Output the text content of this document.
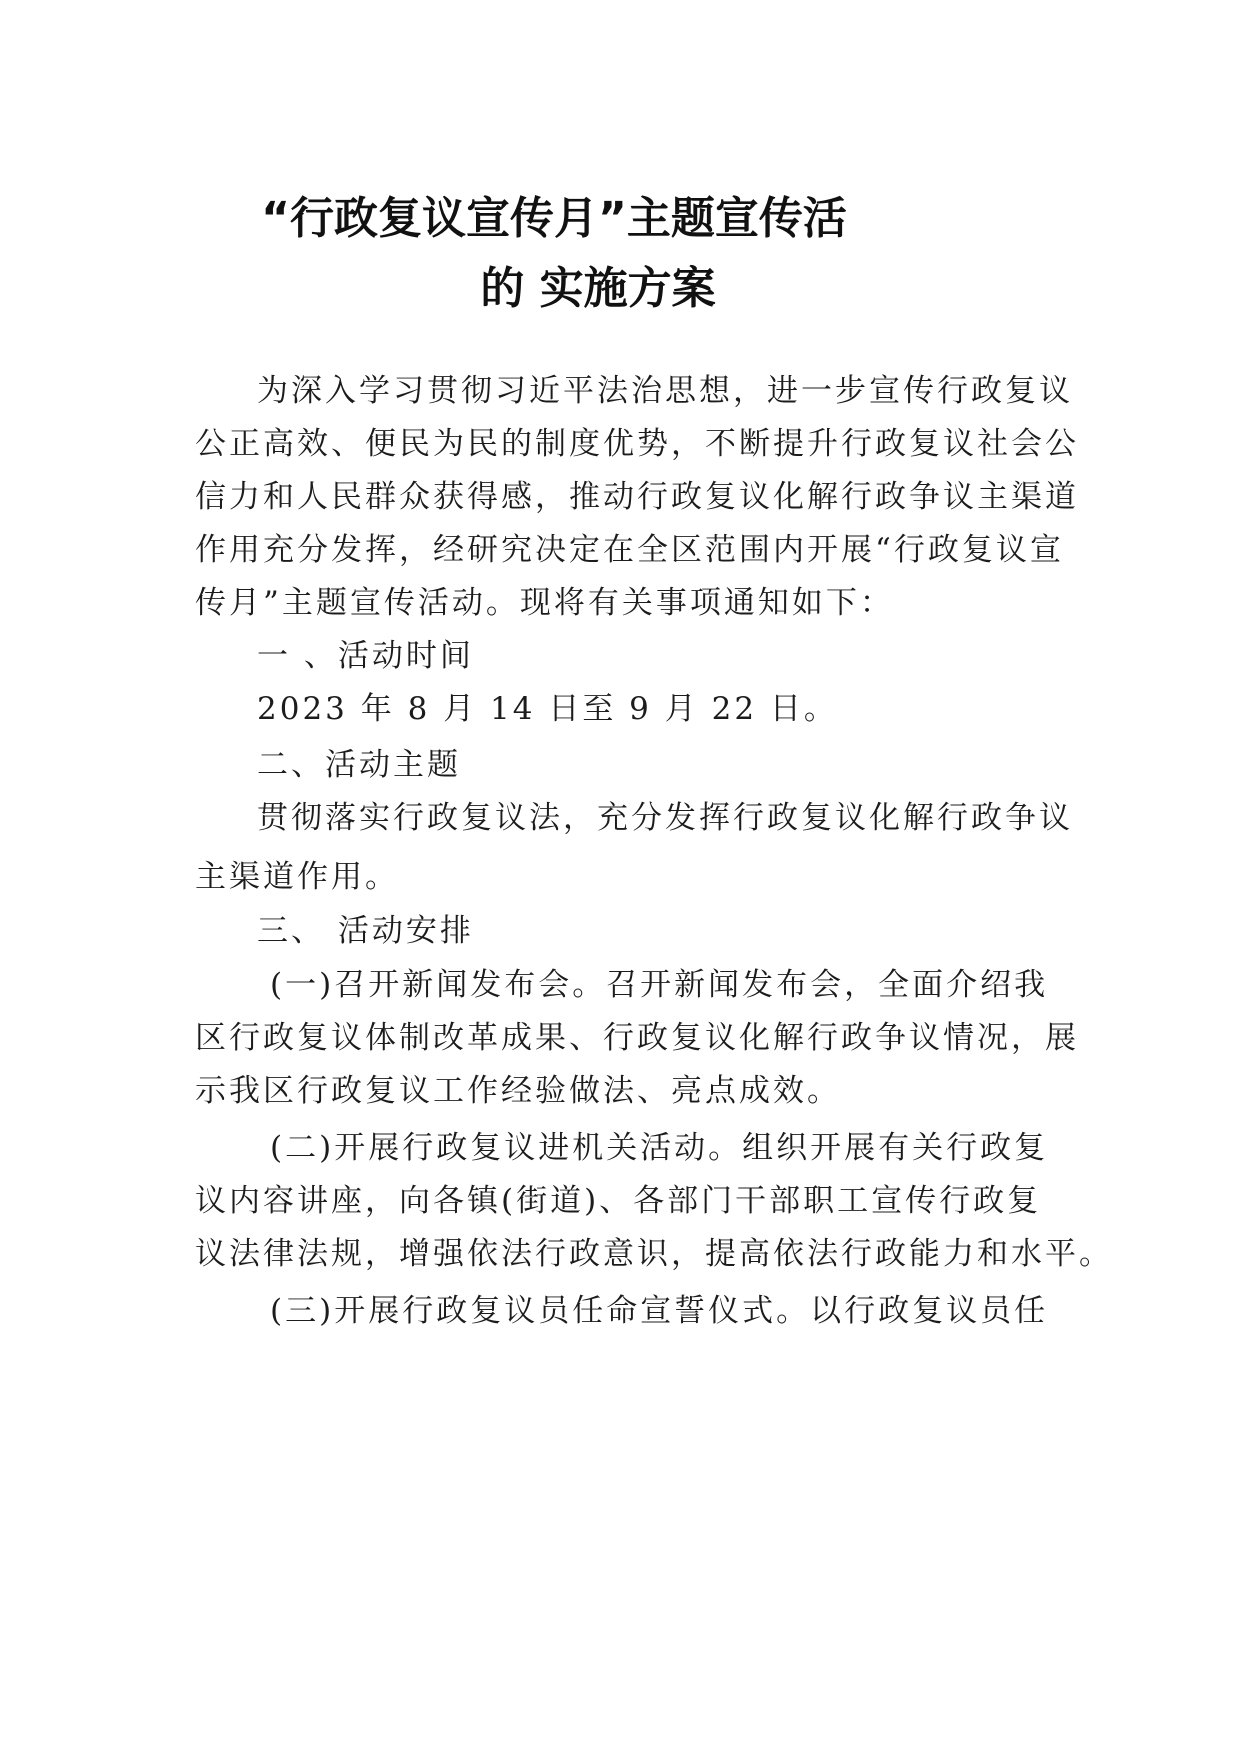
“行政复议宣传月”主题宣传活
的 实施方案
为深入学习贯彻习近平法治思想，进一步宣传行政复议
公正高效、便民为民的制度优势，不断提升行政复议社会公
信力和人民群众获得感，推动行政复议化解行政争议主渠道
作用充分发挥，经研究决定在全区范围内开展“行政复议宣
传月”主题宣传活动。现将有关事项通知如下：
一 、活动时间
2023 年 8 月 14 日至 9 月 22 日。
二、活动主题
贯彻落实行政复议法，充分发挥行政复议化解行政争议
主渠道作用。
三、 活动安排
(一)召开新闻发布会。召开新闻发布会，全面介绍我
区行政复议体制改革成果、行政复议化解行政争议情况，展
示我区行政复议工作经验做法、亮点成效。
(二)开展行政复议进机关活动。组织开展有关行政复
议内容讲座，向各镇(街道)、各部门干部职工宣传行政复
议法律法规，增强依法行政意识，提高依法行政能力和水平。
(三)开展行政复议员任命宣誓仪式。以行政复议员任
